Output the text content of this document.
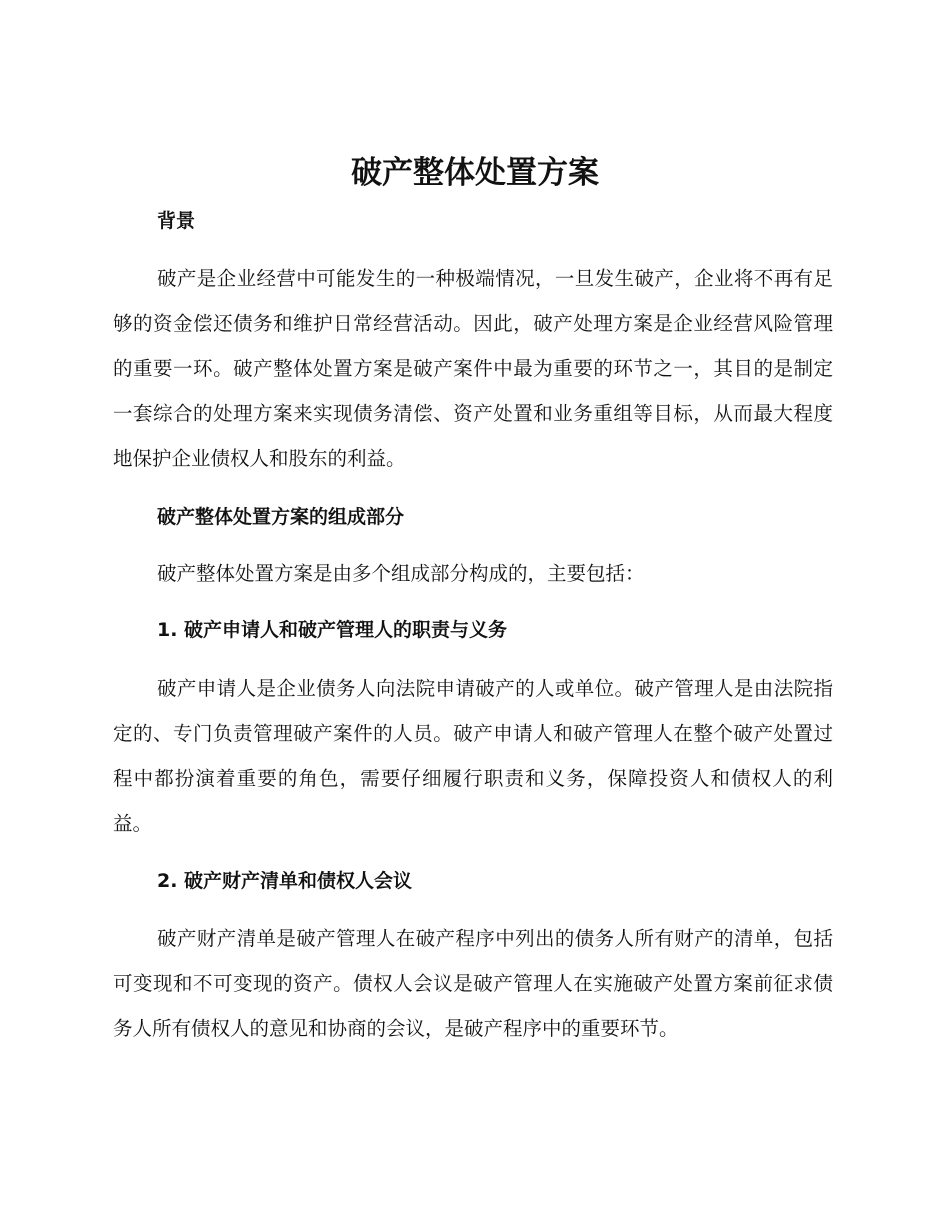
破产整体处置方案
背景

破产是企业经营中可能发生的一种极端情况，一旦发生破产，企业将不再有足够的资金偿还债务和维护日常经营活动。因此，破产处理方案是企业经营风险管理的重要一环。破产整体处置方案是破产案件中最为重要的环节之一，其目的是制定一套综合的处理方案来实现债务清偿、资产处置和业务重组等目标，从而最大程度地保护企业债权人和股东的利益。

破产整体处置方案的组成部分

破产整体处置方案是由多个组成部分构成的，主要包括：

1. 破产申请人和破产管理人的职责与义务

破产申请人是企业债务人向法院申请破产的人或单位。破产管理人是由法院指定的、专门负责管理破产案件的人员。破产申请人和破产管理人在整个破产处置过程中都扮演着重要的角色，需要仔细履行职责和义务，保障投资人和债权人的利益。

2. 破产财产清单和债权人会议

破产财产清单是破产管理人在破产程序中列出的债务人所有财产的清单，包括可变现和不可变现的资产。债权人会议是破产管理人在实施破产处置方案前征求债务人所有债权人的意见和协商的会议，是破产程序中的重要环节。
